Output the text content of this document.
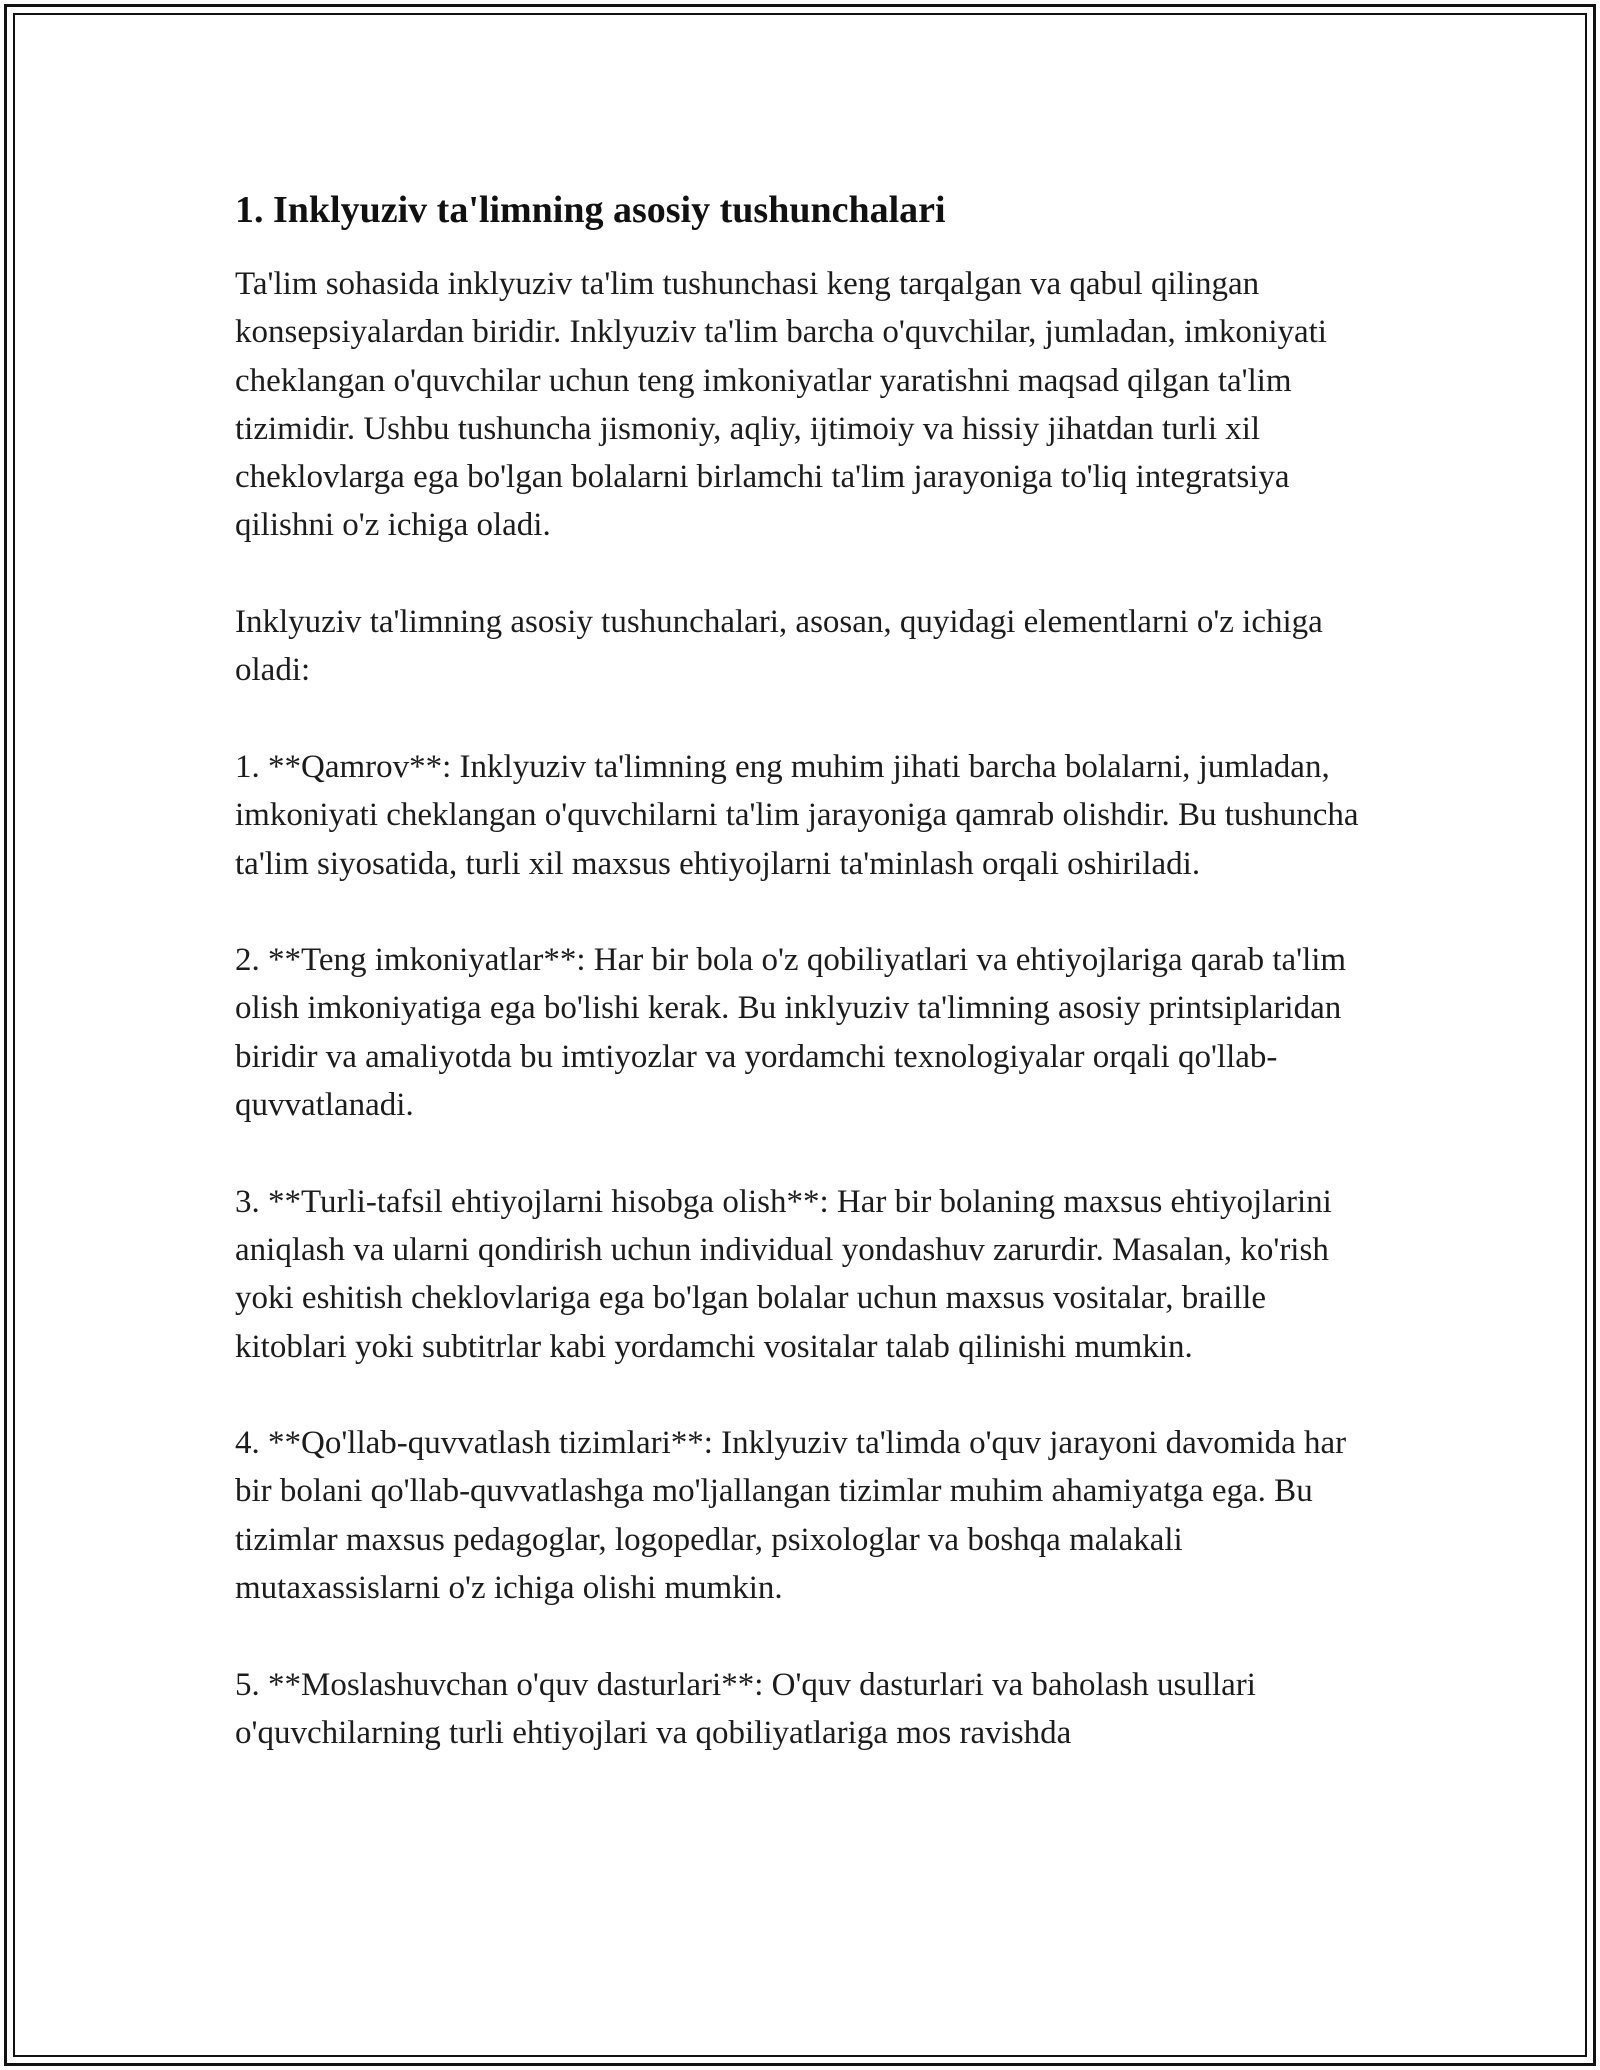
1. Inklyuziv ta'limning asosiy tushunchalari

Ta'lim sohasida inklyuziv ta'lim tushunchasi keng tarqalgan va qabul qilingan konsepsiyalardan biridir. Inklyuziv ta'lim barcha o'quvchilar, jumladan, imkoniyati cheklangan o'quvchilar uchun teng imkoniyatlar yaratishni maqsad qilgan ta'lim tizimidir. Ushbu tushuncha jismoniy, aqliy, ijtimoiy va hissiy jihatdan turli xil cheklovlarga ega bo'lgan bolalarni birlamchi ta'lim jarayoniga to'liq integratsiya qilishni o'z ichiga oladi.

Inklyuziv ta'limning asosiy tushunchalari, asosan, quyidagi elementlarni o'z ichiga oladi:

1. **Qamrov**: Inklyuziv ta'limning eng muhim jihati barcha bolalarni, jumladan, imkoniyati cheklangan o'quvchilarni ta'lim jarayoniga qamrab olishdir. Bu tushuncha ta'lim siyosatida, turli xil maxsus ehtiyojlarni ta'minlash orqali oshiriladi.

2. **Teng imkoniyatlar**: Har bir bola o'z qobiliyatlari va ehtiyojlariga qarab ta'lim olish imkoniyatiga ega bo'lishi kerak. Bu inklyuziv ta'limning asosiy printsiplaridan biridir va amaliyotda bu imtiyozlar va yordamchi texnologiyalar orqali qo'llab-quvvatlanadi.

3. **Turli-tafsil ehtiyojlarni hisobga olish**: Har bir bolaning maxsus ehtiyojlarini aniqlash va ularni qondirish uchun individual yondashuv zarurdir. Masalan, ko'rish yoki eshitish cheklovlariga ega bo'lgan bolalar uchun maxsus vositalar, braille kitoblari yoki subtitrlar kabi yordamchi vositalar talab qilinishi mumkin.

4. **Qo'llab-quvvatlash tizimlari**: Inklyuziv ta'limda o'quv jarayoni davomida har bir bolani qo'llab-quvvatlashga mo'ljallangan tizimlar muhim ahamiyatga ega. Bu tizimlar maxsus pedagoglar, logopedlar, psixologlar va boshqa malakali mutaxassislarni o'z ichiga olishi mumkin.

5. **Moslashuvchan o'quv dasturlari**: O'quv dasturlari va baholash usullari o'quvchilarning turli ehtiyojlari va qobiliyatlariga mos ravishda
